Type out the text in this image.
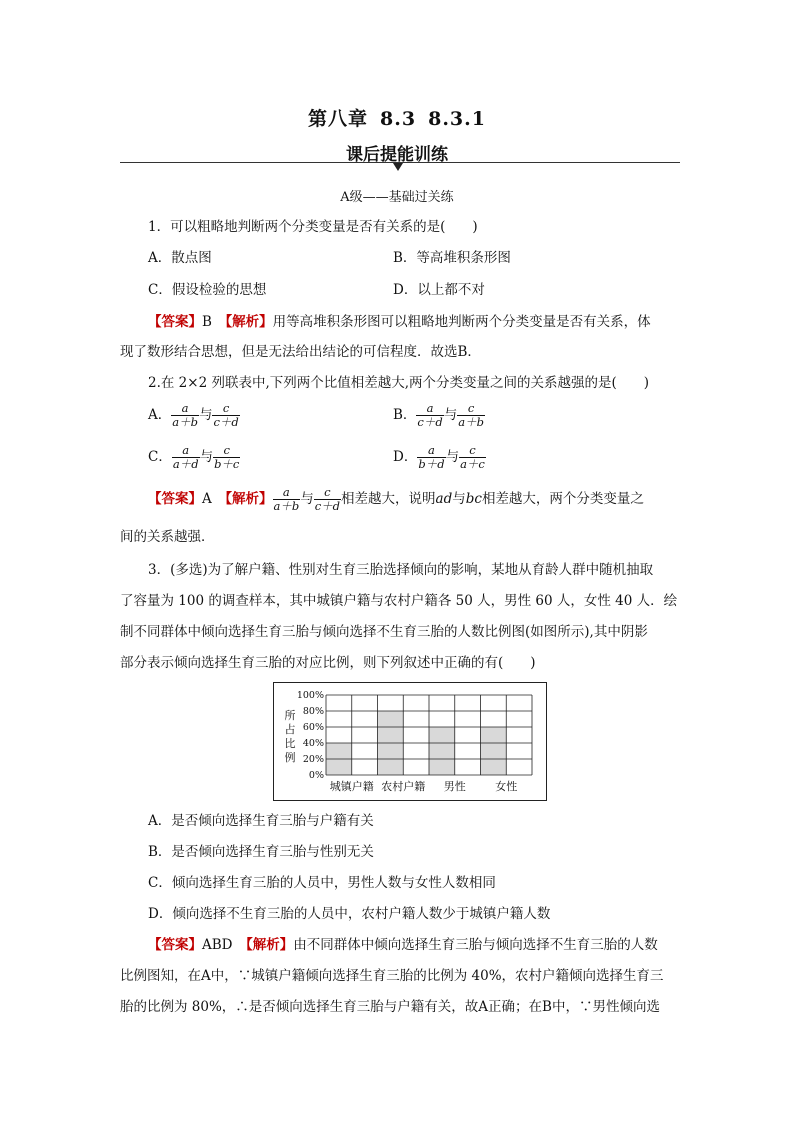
第八章 8.3 8.3.1
课后提能训练
A级——基础过关练
1．可以粗略地判断两个分类变量是否有关系的是(　　)
A．散点图	B．等高堆积条形图
C．假设检验的思想	D．以上都不对
【答案】B　 【解析】用等高堆积条形图可以粗略地判断两个分类变量是否有关系，体
现了数形结合思想，但是无法给出结论的可信程度．故选B．
2.在 2×2 列联表中,下列两个比值相差越大,两个分类变量之间的关系越强的是(　　)
A． $\frac{a}{a+b}$ 与 $\frac{c}{c+d}$	B． $\frac{a}{c+d}$ 与 $\frac{c}{a+b}$
C． $\frac{a}{a+d}$ 与 $\frac{c}{b+c}$	D． $\frac{a}{b+d}$ 与 $\frac{c}{a+c}$
【答案】A　 【解析】 $\frac{a}{a+b}$ 与 $\frac{c}{c+d}$ 相差越大，说明ad与bc相差越大，两个分类变量之
间的关系越强．
3．(多选)为了解户籍、性别对生育三胎选择倾向的影响，某地从育龄人群中随机抽取
了容量为 100 的调查样本，其中城镇户籍与农村户籍各 50 人，男性 60 人，女性 40 人．绘
制不同群体中倾向选择生育三胎与倾向选择不生育三胎的人数比例图(如图所示),其中阴影
部分表示倾向选择生育三胎的对应比例，则下列叙述中正确的有(　　)
0%
20%
40%
60%
80%
100%
所
占
比
例
城镇户籍 农村户籍 男性	女性
A．是否倾向选择生育三胎与户籍有关
B．是否倾向选择生育三胎与性别无关
C．倾向选择生育三胎的人员中，男性人数与女性人数相同
D．倾向选择不生育三胎的人员中，农村户籍人数少于城镇户籍人数
【答案】ABD　 【解析】由不同群体中倾向选择生育三胎与倾向选择不生育三胎的人数
比例图知，在A中，∵城镇户籍倾向选择生育三胎的比例为 40%，农村户籍倾向选择生育三
胎的比例为 80%，∴是否倾向选择生育三胎与户籍有关，故A正确；在B中，∵男性倾向选
